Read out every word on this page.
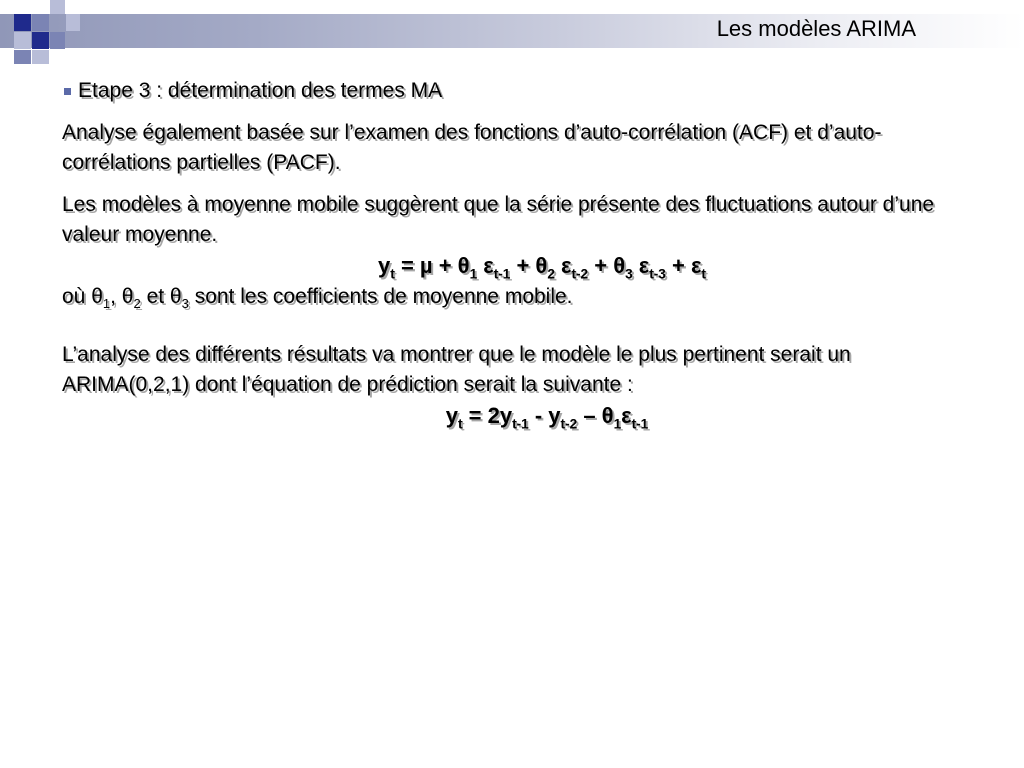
Les modèles ARIMA
Etape 3 : détermination des termes MA

Analyse également basée sur l’examen des fonctions d’auto-corrélation (ACF) et d’auto-corrélations partielles (PACF).

Les modèles à moyenne mobile suggèrent que la série présente des fluctuations autour d’une valeur moyenne.

$y_t = \mu + \theta_1$ $\varepsilon_{t-1} + \theta_2$ $\varepsilon_{t-2} + \theta_3$ $\varepsilon_{t-3} + \varepsilon_t$

où $\theta_1$, $\theta_2$ et $\theta_3$ sont les coefficients de moyenne mobile.

L’analyse des différents résultats va montrer que le modèle le plus pertinent serait un ARIMA(0,2,1) dont l’équation de prédiction serait la suivante :

$y_t = 2y_{t-1} - y_{t-2} - \theta_1\varepsilon_{t-1}$
